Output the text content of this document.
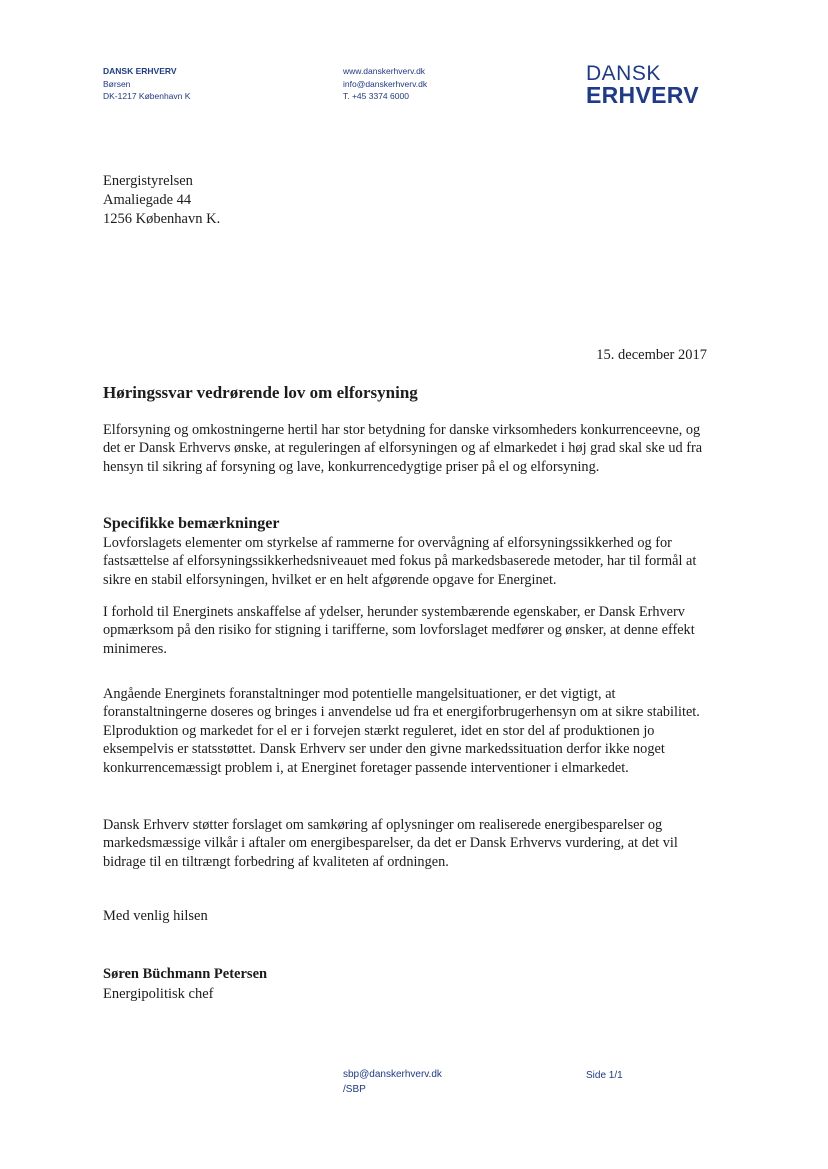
DANSK ERHVERV
Børsen
DK-1217 København K
www.danskerhverv.dk
info@danskerhverv.dk
T. +45 3374 6000
DANSK
ERHVERV
Energistyrelsen
Amaliegade 44
1256 København K.
15. december 2017
Høringssvar vedrørende lov om elforsyning

Elforsyning og omkostningerne hertil har stor betydning for danske virksomheders konkurrenceevne, og det er Dansk Erhvervs ønske, at reguleringen af elforsyningen og af elmarkedet i høj grad skal ske ud fra hensyn til sikring af forsyning og lave, konkurrencedygtige priser på el og elforsyning.

Specifikke bemærkninger

Lovforslagets elementer om styrkelse af rammerne for overvågning af elforsyningssikkerhed og for fastsættelse af elforsyningssikkerhedsniveauet med fokus på markedsbaserede metoder, har til formål at sikre en stabil elforsyningen, hvilket er en helt afgørende opgave for Energinet.

I forhold til Energinets anskaffelse af ydelser, herunder systembærende egenskaber, er Dansk Erhverv opmærksom på den risiko for stigning i tarifferne, som lovforslaget medfører og ønsker, at denne effekt minimeres.

Angående Energinets foranstaltninger mod potentielle mangelsituationer, er det vigtigt, at foranstaltningerne doseres og bringes i anvendelse ud fra et energiforbrugerhensyn om at sikre stabilitet. Elproduktion og markedet for el er i forvejen stærkt reguleret, idet en stor del af produktionen jo eksempelvis er statsstøttet. Dansk Erhverv ser under den givne markedssituation derfor ikke noget konkurrencemæssigt problem i, at Energinet foretager passende interventioner i elmarkedet.

Dansk Erhverv støtter forslaget om samkøring af oplysninger om realiserede energibesparelser og markedsmæssige vilkår i aftaler om energibesparelser, da det er Dansk Erhvervs vurdering, at det vil bidrage til en tiltrængt forbedring af kvaliteten af ordningen.

Med venlig hilsen
Søren Büchmann Petersen
Energipolitisk chef
sbp@danskerhverv.dk
/SBP
Side 1/1
